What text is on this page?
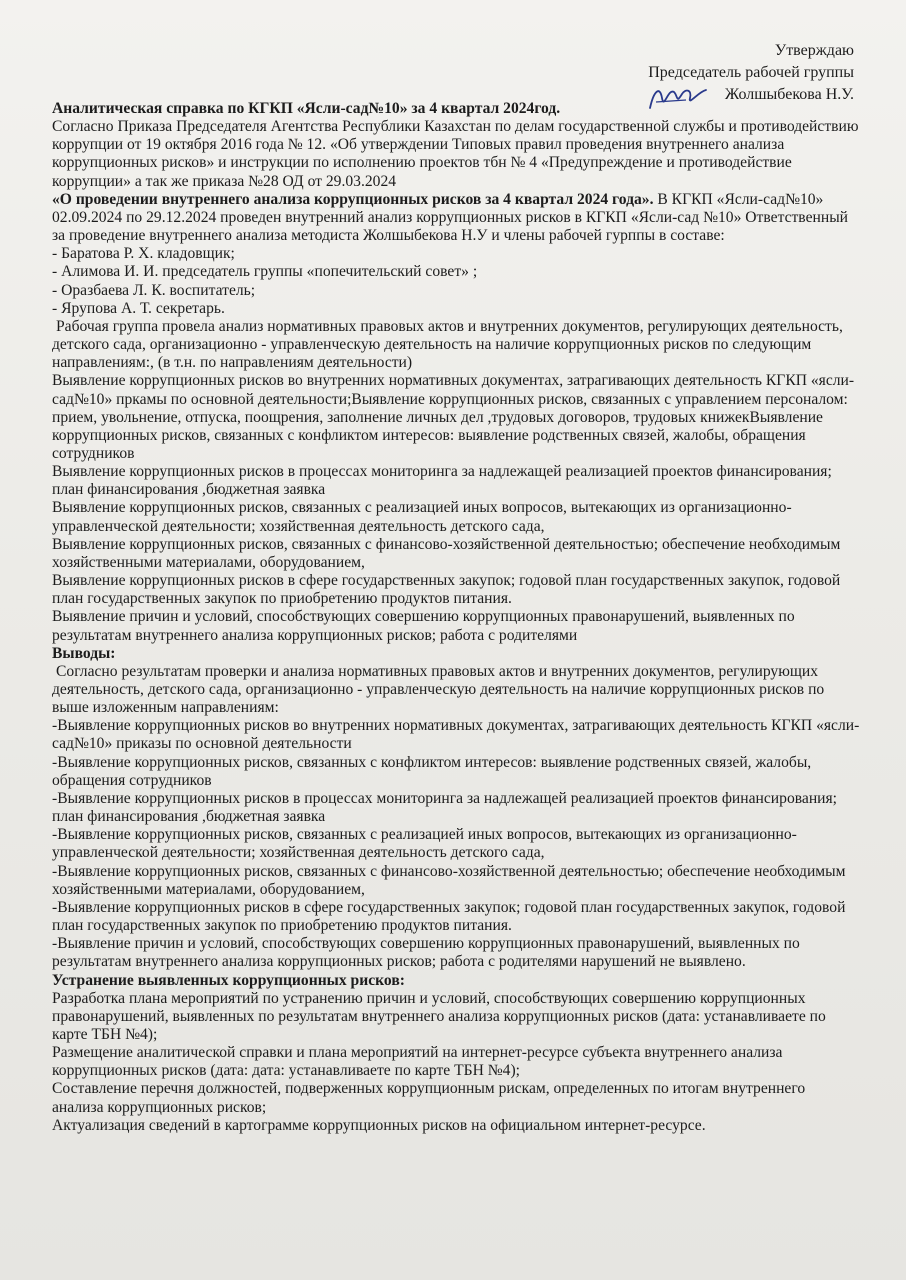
Утверждаю
Председатель рабочей группы
Жолшыбекова Н.У.

Аналитическая справка по КГКП «Ясли-сад№10» за 4 квартал 2024год.

Согласно Приказа Председателя Агентства Республики Казахстан по делам государственной службы и противодействию коррупции от 19 октября 2016 года № 12. «Об утверждении Типовых правил проведения внутреннего анализа коррупционных рисков» и инструкции по исполнению проектов тбн № 4 «Предупреждение и противодействие коррупции» а так же приказа №28 ОД от 29.03.2024
«О проведении внутреннего анализа коррупционных рисков за 4 квартал 2024 года». В КГКП «Ясли-сад№10» 02.09.2024 по 29.12.2024 проведен внутренний анализ коррупционных рисков в КГКП «Ясли-сад №10» Ответственный за проведение внутреннего анализа методиста Жолшыбекова Н.У и члены рабочей гурппы в составе:

- Баратова Р. Х. кладовщик;

- Алимова И. И. председатель группы «попечительский совет» ;

- Оразбаева Л. К. воспитатель;

- Ярупова А. Т. секретарь.

Рабочая группа провела анализ нормативных правовых актов и внутренних документов, регулирующих деятельность, детского сада, организационно - управленческую деятельность на наличие коррупционных рисков по следующим направлениям:, (в т.н. по направлениям деятельности)

Выявление коррупционных рисков во внутренних нормативных документах, затрагивающих деятельность КГКП «ясли-сад№10» пркамы по основной деятельности;Выявление коррупционных рисков, связанных с управлением персоналом: прием, увольнение, отпуска, поощрения, заполнение личных дел ,трудовых договоров, трудовых книжекВыявление коррупционных рисков, связанных с конфликтом интересов: выявление родственных связей, жалобы, обращения сотрудников

Выявление коррупционных рисков в процессах мониторинга за надлежащей реализацией проектов финансирования; план финансирования ,бюджетная заявка

Выявление коррупционных рисков, связанных с реализацией иных вопросов, вытекающих из организационно-управленческой деятельности; хозяйственная деятельность детского сада,

Выявление коррупционных рисков, связанных с финансово-хозяйственной деятельностью; обеспечение необходимым хозяйственными материалами, оборудованием,

Выявление коррупционных рисков в сфере государственных закупок; годовой план государственных закупок, годовой план государственных закупок по приобретению продуктов питания.

Выявление причин и условий, способствующих совершению коррупционных правонарушений, выявленных по результатам внутреннего анализа коррупционных рисков; работа с родителями

Выводы:

Согласно результатам проверки и анализа нормативных правовых актов и внутренних документов, регулирующих деятельность, детского сада, организационно - управленческую деятельность на наличие коррупционных рисков по выше изложенным направлениям:

-Выявление коррупционных рисков во внутренних нормативных документах, затрагивающих деятельность КГКП «ясли-сад№10» приказы по основной деятельности

-Выявление коррупционных рисков, связанных с конфликтом интересов: выявление родственных связей, жалобы, обращения сотрудников

-Выявление коррупционных рисков в процессах мониторинга за надлежащей реализацией проектов финансирования; план финансирования ,бюджетная заявка

-Выявление коррупционных рисков, связанных с реализацией иных вопросов, вытекающих из организационно-управленческой деятельности; хозяйственная деятельность детского сада,

-Выявление коррупционных рисков, связанных с финансово-хозяйственной деятельностью; обеспечение необходимым хозяйственными материалами, оборудованием,

-Выявление коррупционных рисков в сфере государственных закупок; годовой план государственных закупок, годовой план государственных закупок по приобретению продуктов питания.

-Выявление причин и условий, способствующих совершению коррупционных правонарушений, выявленных по результатам внутреннего анализа коррупционных рисков; работа с родителями нарушений не выявлено.

Устранение выявленных коррупционных рисков:

Разработка плана мероприятий по устранению причин и условий, способствующих совершению коррупционных правонарушений, выявленных по результатам внутреннего анализа коррупционных рисков (дата: устанавливаете по карте ТБН №4);

Размещение аналитической справки и плана мероприятий на интернет-ресурсе субъекта внутреннего анализа коррупционных рисков (дата: дата: устанавливаете по карте ТБН №4);

Составление перечня должностей, подверженных коррупционным рискам, определенных по итогам внутреннего анализа коррупционных рисков;

Актуализация сведений в картограмме коррупционных рисков на официальном интернет-ресурсе.
